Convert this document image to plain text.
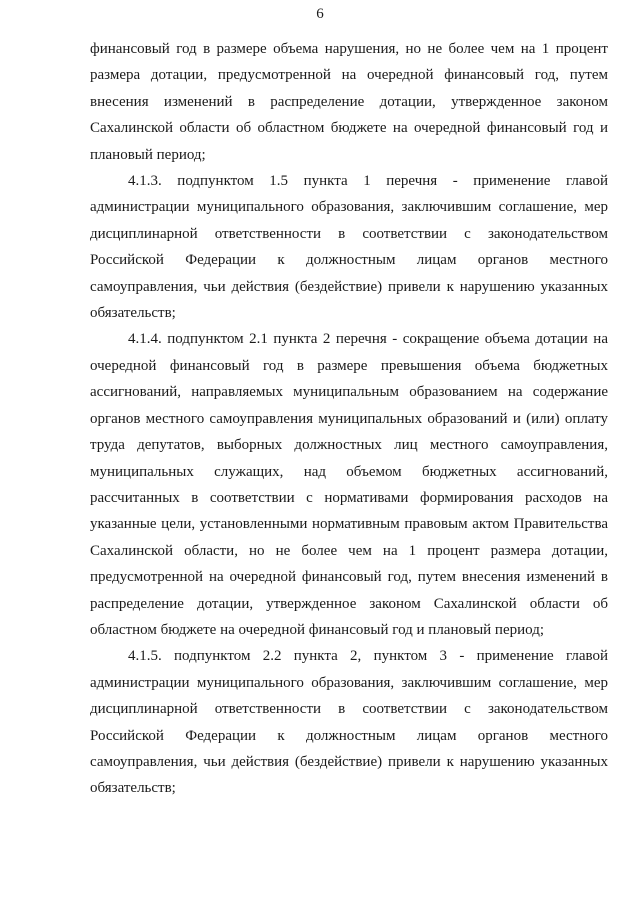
6

финансовый год в размере объема нарушения, но не более чем на 1 процент размера дотации, предусмотренной на очередной финансовый год, путем внесения изменений в распределение дотации, утвержденное законом Сахалинской области об областном бюджете на очередной финансовый год и плановый период;

4.1.3. подпунктом 1.5 пункта 1 перечня - применение главой администрации муниципального образования, заключившим соглашение, мер дисциплинарной ответственности в соответствии с законодательством Российской Федерации к должностным лицам органов местного самоуправления, чьи действия (бездействие) привели к нарушению указанных обязательств;

4.1.4. подпунктом 2.1 пункта 2 перечня - сокращение объема дотации на очередной финансовый год в размере превышения объема бюджетных ассигнований, направляемых муниципальным образованием на содержание органов местного самоуправления муниципальных образований и (или) оплату труда депутатов, выборных должностных лиц местного самоуправления, муниципальных служащих, над объемом бюджетных ассигнований, рассчитанных в соответствии с нормативами формирования расходов на указанные цели, установленными нормативным правовым актом Правительства Сахалинской области, но не более чем на 1 процент размера дотации, предусмотренной на очередной финансовый год, путем внесения изменений в распределение дотации, утвержденное законом Сахалинской области об областном бюджете на очередной финансовый год и плановый период;

4.1.5. подпунктом 2.2 пункта 2, пунктом 3 - применение главой администрации муниципального образования, заключившим соглашение, мер дисциплинарной ответственности в соответствии с законодательством Российской Федерации к должностным лицам органов местного самоуправления, чьи действия (бездействие) привели к нарушению указанных обязательств;
